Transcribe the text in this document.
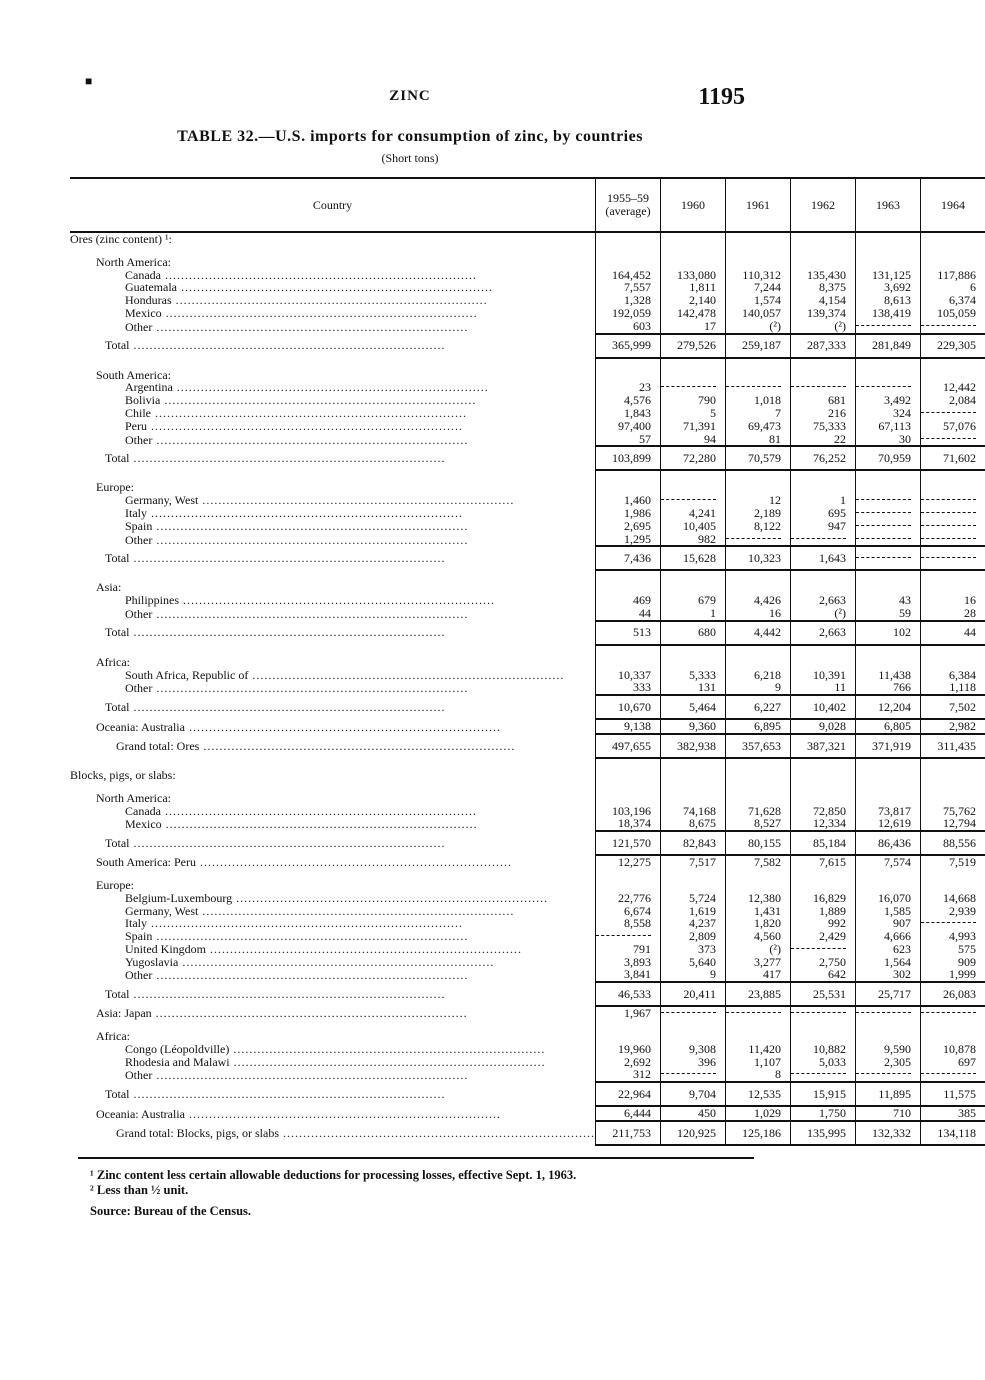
■
ZINC	1195
TABLE 32.—U.S. imports for consumption of zinc, by countries
(Short tons)
Country	1955–59 (average)	1960	1961	1962	1963	1964
Ores (zinc content) ¹:						

North America:						
Canada .....	164,452	133,080	110,312	135,430	131,125	117,886
Guatemala .....	7,557	1,811	7,244	8,375	3,692	6
Honduras .....	1,328	2,140	1,574	4,154	8,613	6,374
Mexico .....	192,059	142,478	140,057	139,374	138,419	105,059
Other .....	603	17	(²)	(²)		
Total .....	365,999	279,526	259,187	287,333	281,849	229,305

South America:						
Argentina .....	23					12,442
Bolivia .....	4,576	790	1,018	681	3,492	2,084
Chile .....	1,843	5	7	216	324	
Peru .....	97,400	71,391	69,473	75,333	67,113	57,076
Other .....	57	94	81	22	30	
Total .....	103,899	72,280	70,579	76,252	70,959	71,602

Europe:						
Germany, West .....	1,460		12	1		
Italy .....	1,986	4,241	2,189	695		
Spain .....	2,695	10,405	8,122	947		
Other .....	1,295	982				
Total .....	7,436	15,628	10,323	1,643		

Asia:						
Philippines .....	469	679	4,426	2,663	43	16
Other .....	44	1	16	(²)	59	28
Total .....	513	680	4,442	2,663	102	44

Africa:						
South Africa, Republic of .....	10,337	5,333	6,218	10,391	11,438	6,384
Other .....	333	131	9	11	766	1,118
Total .....	10,670	5,464	6,227	10,402	12,204	7,502
Oceania: Australia .....	9,138	9,360	6,895	9,028	6,805	2,982
Grand total: Ores .....	497,655	382,938	357,653	387,321	371,919	311,435

Blocks, pigs, or slabs:						

North America:						
Canada .....	103,196	74,168	71,628	72,850	73,817	75,762
Mexico .....	18,374	8,675	8,527	12,334	12,619	12,794
Total .....	121,570	82,843	80,155	85,184	86,436	88,556
South America: Peru .....	12,275	7,517	7,582	7,615	7,574	7,519

Europe:						
Belgium-Luxembourg .....	22,776	5,724	12,380	16,829	16,070	14,668
Germany, West .....	6,674	1,619	1,431	1,889	1,585	2,939
Italy .....	8,558	4,237	1,820	992	907	
Spain .....		2,809	4,560	2,429	4,666	4,993
United Kingdom .....	791	373	(²)		623	575
Yugoslavia .....	3,893	5,640	3,277	2,750	1,564	909
Other .....	3,841	9	417	642	302	1,999
Total .....	46,533	20,411	23,885	25,531	25,717	26,083
Asia: Japan .....	1,967					

Africa:						
Congo (Léopoldville) .....	19,960	9,308	11,420	10,882	9,590	10,878
Rhodesia and Malawi .....	2,692	396	1,107	5,033	2,305	697
Other .....	312		8			
Total .....	22,964	9,704	12,535	15,915	11,895	11,575
Oceania: Australia .....	6,444	450	1,029	1,750	710	385
Grand total: Blocks, pigs, or slabs .....	211,753	120,925	125,186	135,995	132,332	134,118
¹ Zinc content less certain allowable deductions for processing losses, effective Sept. 1, 1963.
² Less than ½ unit.
Source: Bureau of the Census.
